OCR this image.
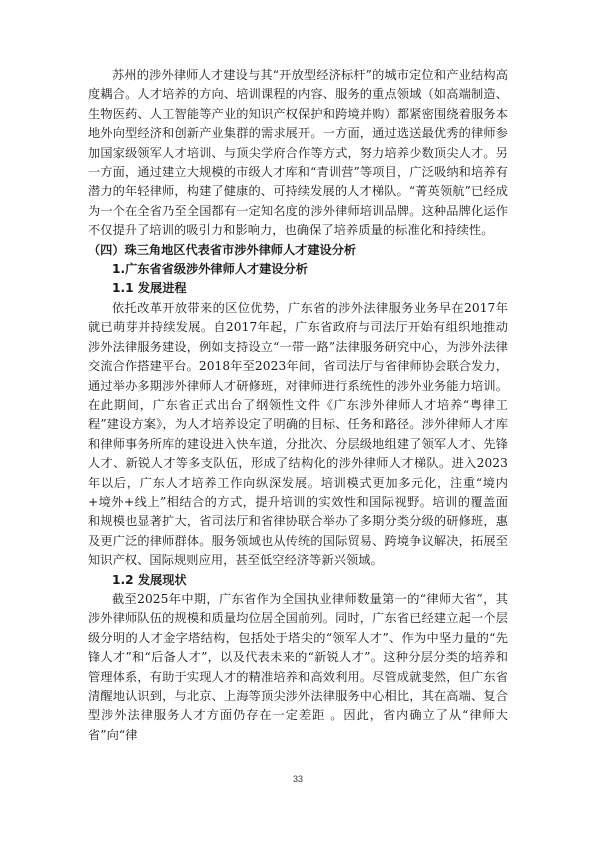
苏州的涉外律师人才建设与其“开放型经济标杆”的城市定位和产业结构高度耦合。人才培养的方向、培训课程的内容、服务的重点领域（如高端制造、生物医药、人工智能等产业的知识产权保护和跨境并购）都紧密围绕着服务本地外向型经济和创新产业集群的需求展开。一方面，通过选送最优秀的律师参加国家级领军人才培训、与顶尖学府合作等方式，努力培养少数顶尖人才。另一方面，通过建立大规模的市级人才库和“青训营”等项目，广泛吸纳和培养有潜力的年轻律师，构建了健康的、可持续发展的人才梯队。“菁英领航”已经成为一个在全省乃至全国都有一定知名度的涉外律师培训品牌。这种品牌化运作不仅提升了培训的吸引力和影响力，也确保了培养质量的标准化和持续性。

（四）珠三角地区代表省市涉外律师人才建设分析

1.广东省省级涉外律师人才建设分析

1.1 发展进程

依托改革开放带来的区位优势，广东省的涉外法律服务业务早在2017年就已萌芽并持续发展。自2017年起，广东省政府与司法厅开始有组织地推动涉外法律服务建设，例如支持设立“一带一路”法律服务研究中心，为涉外法律交流合作搭建平台。2018年至2023年间，省司法厅与省律师协会联合发力，通过举办多期涉外律师人才研修班，对律师进行系统性的涉外业务能力培训。在此期间，广东省正式出台了纲领性文件《广东涉外律师人才培养“粤律工程”建设方案》，为人才培养设定了明确的目标、任务和路径。涉外律师人才库和律师事务所库的建设进入快车道，分批次、分层级地组建了领军人才、先锋人才、新锐人才等多支队伍，形成了结构化的涉外律师人才梯队。进入2023年以后，广东人才培养工作向纵深发展。培训模式更加多元化，注重“境内+境外+线上”相结合的方式，提升培训的实效性和国际视野。培训的覆盖面和规模也显著扩大，省司法厅和省律协联合举办了多期分类分级的研修班，惠及更广泛的律师群体。服务领域也从传统的国际贸易、跨境争议解决，拓展至知识产权、国际规则应用，甚至低空经济等新兴领域。

1.2 发展现状

截至2025年中期，广东省作为全国执业律师数量第一的“律师大省”，其涉外律师队伍的规模和质量均位居全国前列。同时，广东省已经建立起一个层级分明的人才金字塔结构，包括处于塔尖的“领军人才”、作为中坚力量的“先锋人才”和“后备人才”，以及代表未来的“新锐人才”。这种分层分类的培养和管理体系，有助于实现人才的精准培养和高效利用。尽管成就斐然，但广东省清醒地认识到，与北京、上海等顶尖涉外法律服务中心相比，其在高端、复合型涉外法律服务人才方面仍存在一定差距 。因此，省内确立了从“律师大省”向“律

33
